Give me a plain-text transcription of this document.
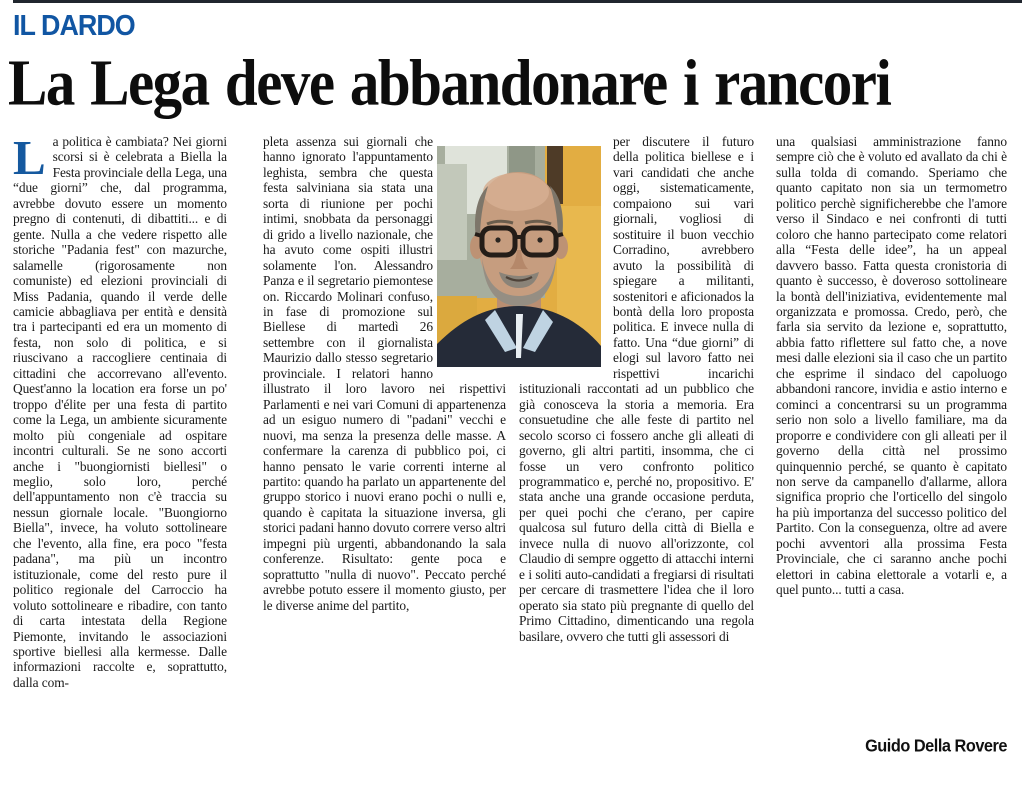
IL DARDO
La Lega deve abbandonare i rancori
La politica è cambiata? Nei giorni scorsi si è celebrata a Biella la Festa provinciale della Lega, una “due giorni” che, dal programma, avrebbe dovuto essere un momento pregno di contenuti, di dibattiti... e di gente. Nulla a che vedere rispetto alle storiche "Padania fest" con mazurche, salamelle (rigorosamente non comuniste) ed elezioni provinciali di Miss Padania, quando il verde delle camicie abbagliava per entità e densità tra i partecipanti ed era un momento di festa, non solo di politica, e si riuscivano a raccogliere centinaia di cittadini che accorrevano all'evento. Quest'anno la location era forse un po' troppo d'élite per una festa di partito come la Lega, un ambiente sicuramente molto più congeniale ad ospitare incontri culturali. Se ne sono accorti anche i "buongiornisti biellesi" o meglio, solo loro, perché dell'appuntamento non c'è traccia su nessun giornale locale. "Buongiorno Biella", invece, ha voluto sottolineare che l'evento, alla fine, era poco "festa padana", ma più un incontro istituzionale, come del resto pure il politico regionale del Carroccio ha voluto sottolineare e ribadire, con tanto di carta intestata della Regione Piemonte, invitando le associazioni sportive biellesi alla kermesse. Dalle informazioni raccolte e, soprattutto, dalla com-
pleta assenza sui giornali che hanno ignorato l'appuntamento leghista, sembra che questa festa salviniana sia stata una sorta di riunione per pochi intimi, snobbata da personaggi di grido a livello nazionale, che ha avuto come ospiti illustri solamente l'on. Alessandro Panza e il segretario piemontese on. Riccardo Molinari confuso, in fase di promozione sul Biellese di martedì 26 settembre con il giornalista Maurizio dallo stesso segretario provinciale. I relatori hanno illustrato il loro lavoro nei rispettivi Parlamenti e nei vari Comuni di appartenenza ad un esiguo numero di "padani" vecchi e nuovi, ma senza la presenza delle masse. A confermare la carenza di pubblico poi, ci hanno pensato le varie correnti interne al partito: quando ha parlato un appartenente del gruppo storico i nuovi erano pochi o nulli e, quando è capitata la situazione inversa, gli storici padani hanno dovuto correre verso altri impegni più urgenti, abbandonando la sala conferenze. Risultato: gente poca e soprattutto "nulla di nuovo". Peccato perché avrebbe potuto essere il momento giusto, per le diverse anime del partito,
per discutere il futuro della politica biellese e i vari candidati che anche oggi, sistematicamente, compaiono sui vari giornali, vogliosi di sostituire il buon vecchio Corradino, avrebbero avuto la possibilità di spiegare a militanti, sostenitori e aficionados la bontà della loro proposta politica. E invece nulla di fatto. Una “due giorni” di elogi sul lavoro fatto nei rispettivi incarichi istituzionali raccontati ad un pubblico che già conosceva la storia a memoria. Era consuetudine che alle feste di partito nel secolo scorso ci fossero anche gli alleati di governo, gli altri partiti, insomma, che ci fosse un vero confronto politico programmatico e, perché no, propositivo. E' stata anche una grande occasione perduta, per quei pochi che c'erano, per capire qualcosa sul futuro della città di Biella e invece nulla di nuovo all'orizzonte, col Claudio di sempre oggetto di attacchi interni e i soliti auto-candidati a fregiarsi di risultati per cercare di trasmettere l'idea che il loro operato sia stato più pregnante di quello del Primo Cittadino, dimenticando una regola basilare, ovvero che tutti gli assessori di
una qualsiasi amministrazione fanno sempre ciò che è voluto ed avallato da chi è sulla tolda di comando. Speriamo che quanto capitato non sia un termometro politico perchè significherebbe che l'amore verso il Sindaco e nei confronti di tutti coloro che hanno partecipato come relatori alla “Festa delle idee”, ha un appeal davvero basso. Fatta questa cronistoria di quanto è successo, è doveroso sottolineare la bontà dell'iniziativa, evidentemente mal organizzata e promossa. Credo, però, che farla sia servito da lezione e, soprattutto, abbia fatto riflettere sul fatto che, a nove mesi dalle elezioni sia il caso che un partito che esprime il sindaco del capoluogo abbandoni rancore, invidia e astio interno e cominci a concentrarsi su un programma serio non solo a livello familiare, ma da proporre e condividere con gli alleati per il governo della città nel prossimo quinquennio perché, se quanto è capitato non serve da campanello d'allarme, allora significa proprio che l'orticello del singolo ha più importanza del successo politico del Partito. Con la conseguenza, oltre ad avere pochi avventori alla prossima Festa Provinciale, che ci saranno anche pochi elettori in cabina elettorale a votarli e, a quel punto... tutti a casa.
Guido Della Rovere
